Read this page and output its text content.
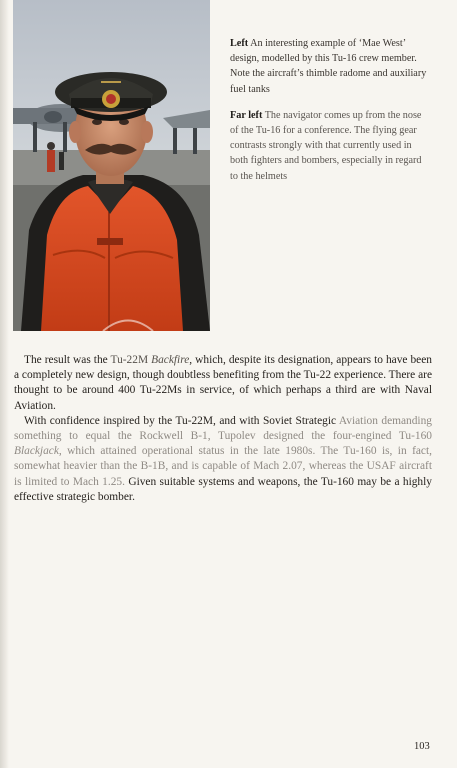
Left An interesting example of ‘Mae West’ design, modelled by this Tu-16 crew member. Note the aircraft’s thimble radome and auxiliary fuel tanks

Far left The navigator comes up from the nose of the Tu-16 for a conference. The flying gear contrasts strongly with that currently used in both fighters and bombers, especially in regard to the helmets

The result was the Tu-22M Backfire, which, despite its designation, appears to have been a completely new design, though doubtless benefiting from the Tu-22 experience. There are thought to be around 400 Tu-22Ms in service, of which perhaps a third are with Naval Aviation.

With confidence inspired by the Tu-22M, and with Soviet Strategic Aviation demanding something to equal the Rockwell B-1, Tupolev designed the four-engined Tu-160 Blackjack, which attained operational status in the late 1980s. The Tu-160 is, in fact, somewhat heavier than the B-1B, and is capable of Mach 2.07, whereas the USAF aircraft is limited to Mach 1.25. Given suitable systems and weapons, the Tu-160 may be a highly effective strategic bomber.

103
